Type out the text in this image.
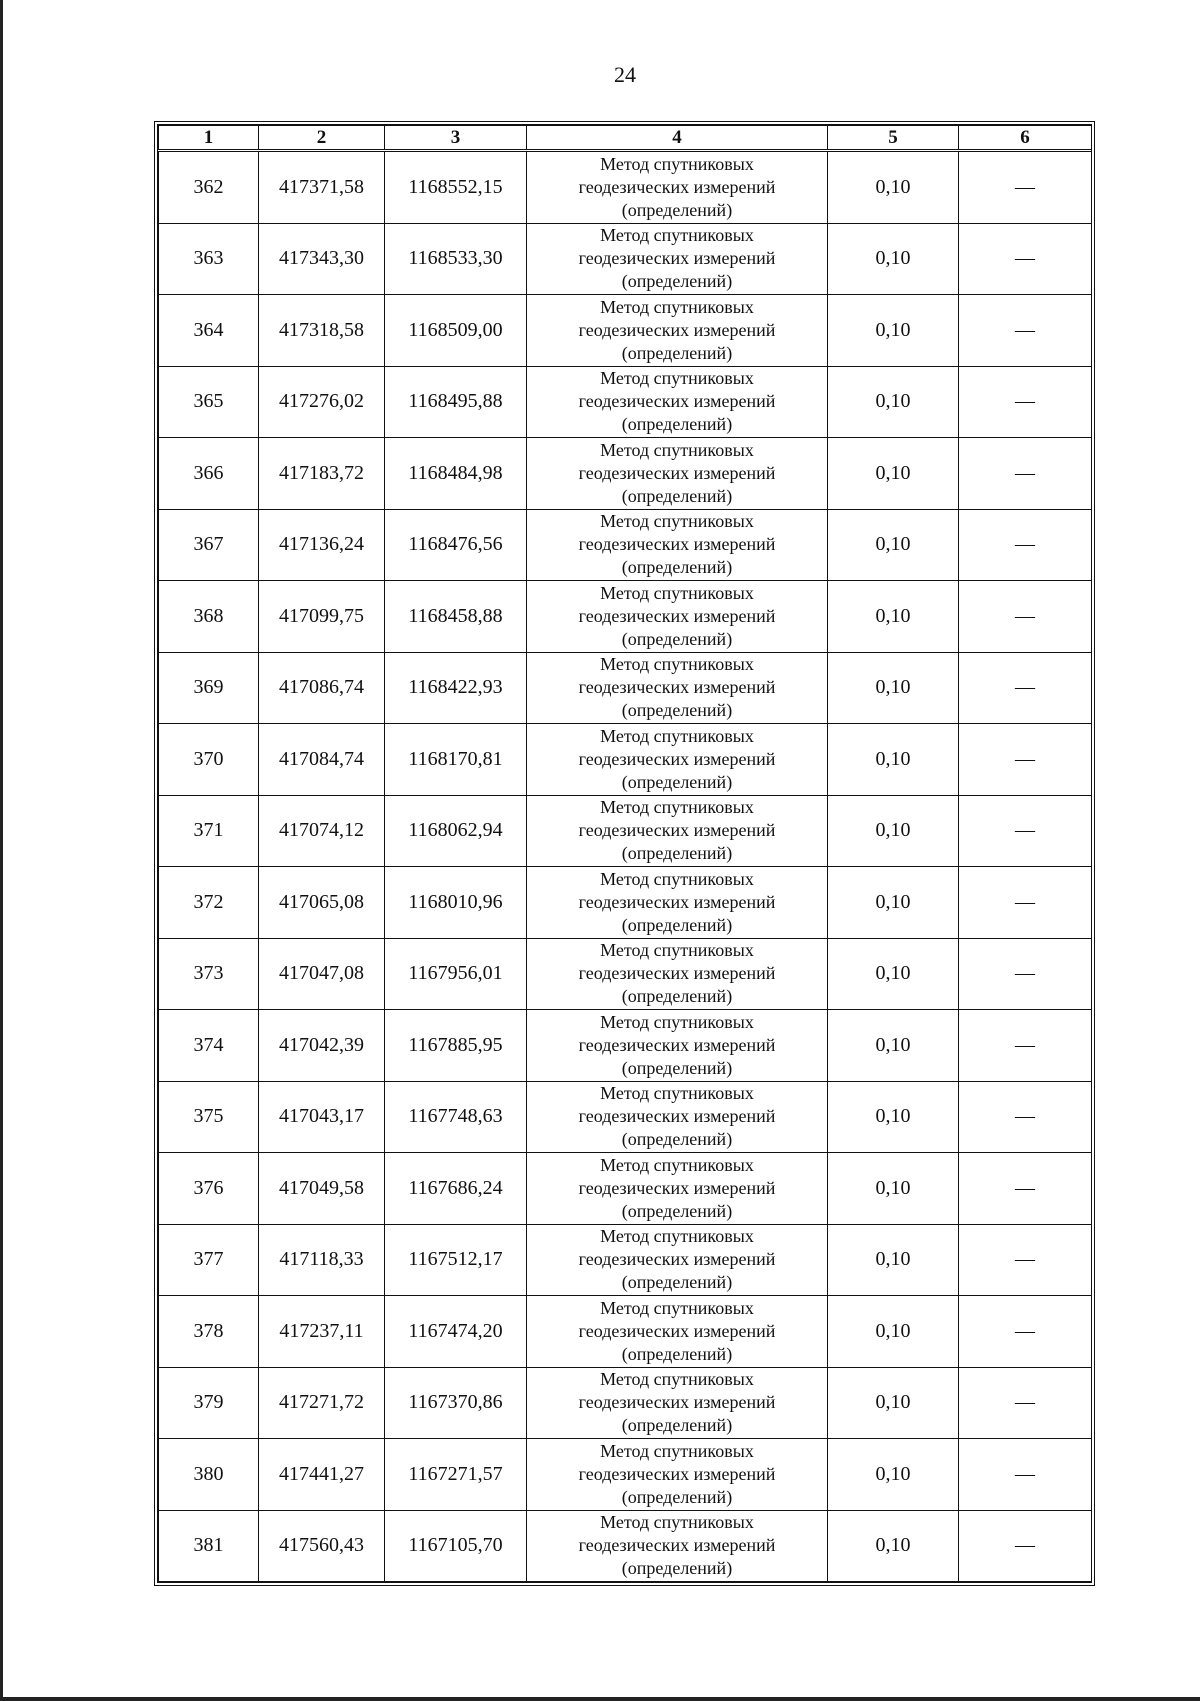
24
1	2	3	4	5	6
362	417371,58	1168552,15	Метод спутниковых
геодезических измерений
(определений)	0,10	—
363	417343,30	1168533,30	Метод спутниковых
геодезических измерений
(определений)	0,10	—
364	417318,58	1168509,00	Метод спутниковых
геодезических измерений
(определений)	0,10	—
365	417276,02	1168495,88	Метод спутниковых
геодезических измерений
(определений)	0,10	—
366	417183,72	1168484,98	Метод спутниковых
геодезических измерений
(определений)	0,10	—
367	417136,24	1168476,56	Метод спутниковых
геодезических измерений
(определений)	0,10	—
368	417099,75	1168458,88	Метод спутниковых
геодезических измерений
(определений)	0,10	—
369	417086,74	1168422,93	Метод спутниковых
геодезических измерений
(определений)	0,10	—
370	417084,74	1168170,81	Метод спутниковых
геодезических измерений
(определений)	0,10	—
371	417074,12	1168062,94	Метод спутниковых
геодезических измерений
(определений)	0,10	—
372	417065,08	1168010,96	Метод спутниковых
геодезических измерений
(определений)	0,10	—
373	417047,08	1167956,01	Метод спутниковых
геодезических измерений
(определений)	0,10	—
374	417042,39	1167885,95	Метод спутниковых
геодезических измерений
(определений)	0,10	—
375	417043,17	1167748,63	Метод спутниковых
геодезических измерений
(определений)	0,10	—
376	417049,58	1167686,24	Метод спутниковых
геодезических измерений
(определений)	0,10	—
377	417118,33	1167512,17	Метод спутниковых
геодезических измерений
(определений)	0,10	—
378	417237,11	1167474,20	Метод спутниковых
геодезических измерений
(определений)	0,10	—
379	417271,72	1167370,86	Метод спутниковых
геодезических измерений
(определений)	0,10	—
380	417441,27	1167271,57	Метод спутниковых
геодезических измерений
(определений)	0,10	—
381	417560,43	1167105,70	Метод спутниковых
геодезических измерений
(определений)	0,10	—
